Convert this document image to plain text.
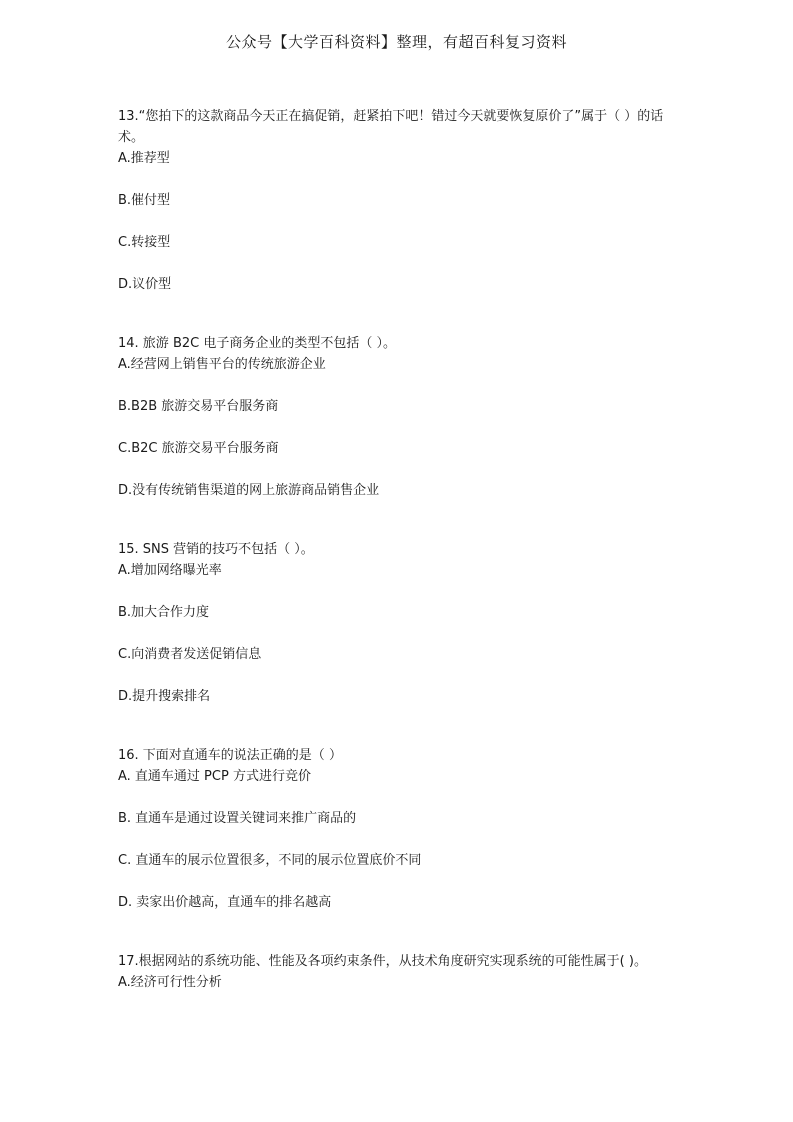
公众号【大学百科资料】整理，有超百科复习资料
13.“您拍下的这款商品今天正在搞促销，赶紧拍下吧！错过今天就要恢复原价了”属于（ ）的话术。
A.推荐型
B.催付型
C.转接型
D.议价型
14. 旅游 B2C 电子商务企业的类型不包括（ ）。
A.经营网上销售平台的传统旅游企业
B.B2B 旅游交易平台服务商
C.B2C 旅游交易平台服务商
D.没有传统销售渠道的网上旅游商品销售企业
15. SNS 营销的技巧不包括（ ）。
A.增加网络曝光率
B.加大合作力度
C.向消费者发送促销信息
D.提升搜索排名
16. 下面对直通车的说法正确的是（ ）
A. 直通车通过 PCP 方式进行竞价
B. 直通车是通过设置关键词来推广商品的
C. 直通车的展示位置很多，不同的展示位置底价不同
D. 卖家出价越高，直通车的排名越高
17.根据网站的系统功能、性能及各项约束条件，从技术角度研究实现系统的可能性属于( )。
A.经济可行性分析
